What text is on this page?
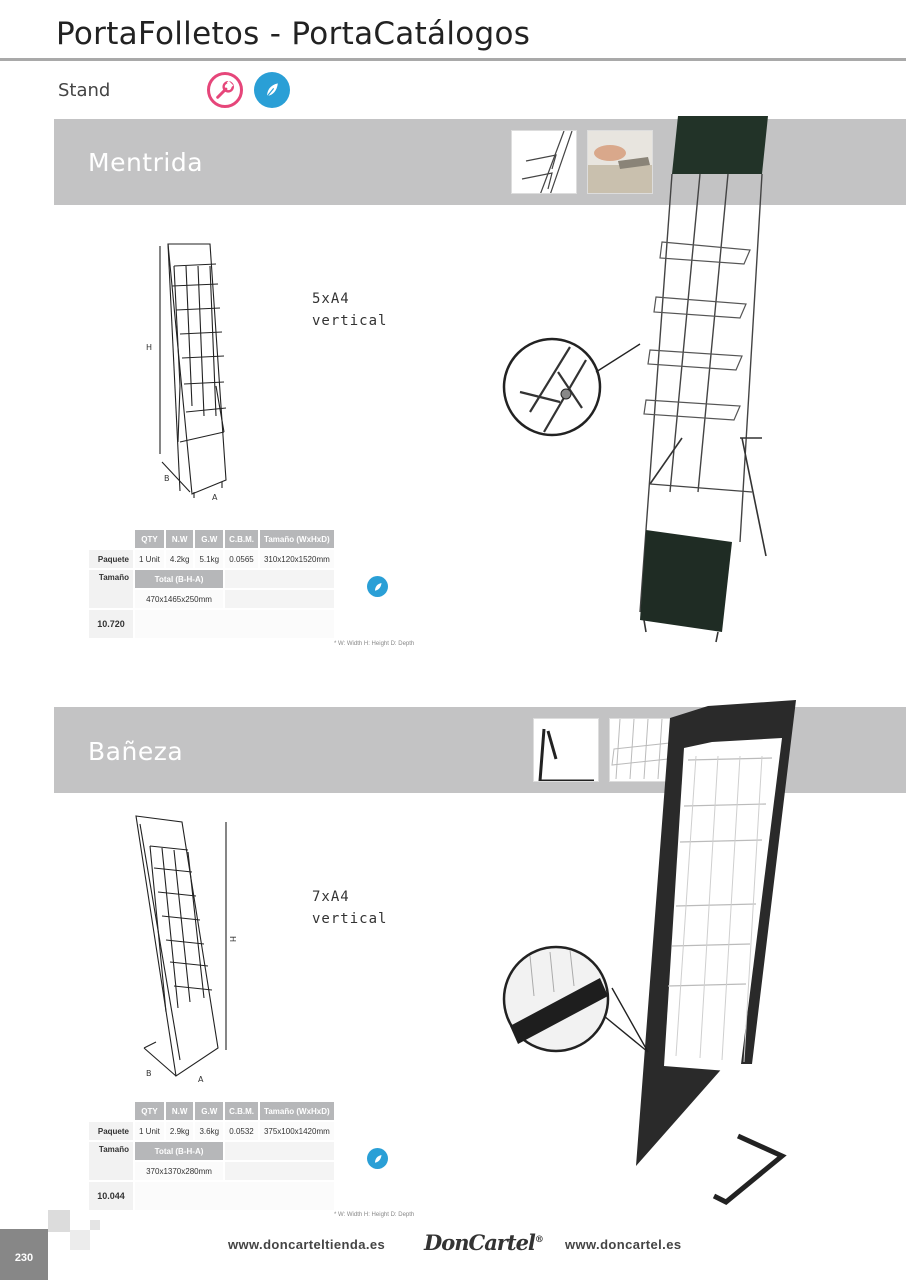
PortaFolletos - PortaCatálogos
Stand
Mentrida
H
B
A
5xA4
vertical
	QTY	N.W	G.W	C.B.M.	Tamaño (WxHxD)
Paquete	1 Unit	4.2kg	5.1kg	0.0565	310x120x1520mm
Tamaño	Total (B-H-A)				
	470x1465x250mm				
10.720					
* W: Width H: Height D: Depth
Bañeza
H
B
A
7xA4
vertical
	QTY	N.W	G.W	C.B.M.	Tamaño (WxHxD)
Paquete	1 Unit	2.9kg	3.6kg	0.0532	375x100x1420mm
Tamaño	Total (B-H-A)				
	370x1370x280mm				
10.044					
* W: Width H: Height D: Depth
230
www.doncarteltienda.es DonCartel® www.doncartel.es
